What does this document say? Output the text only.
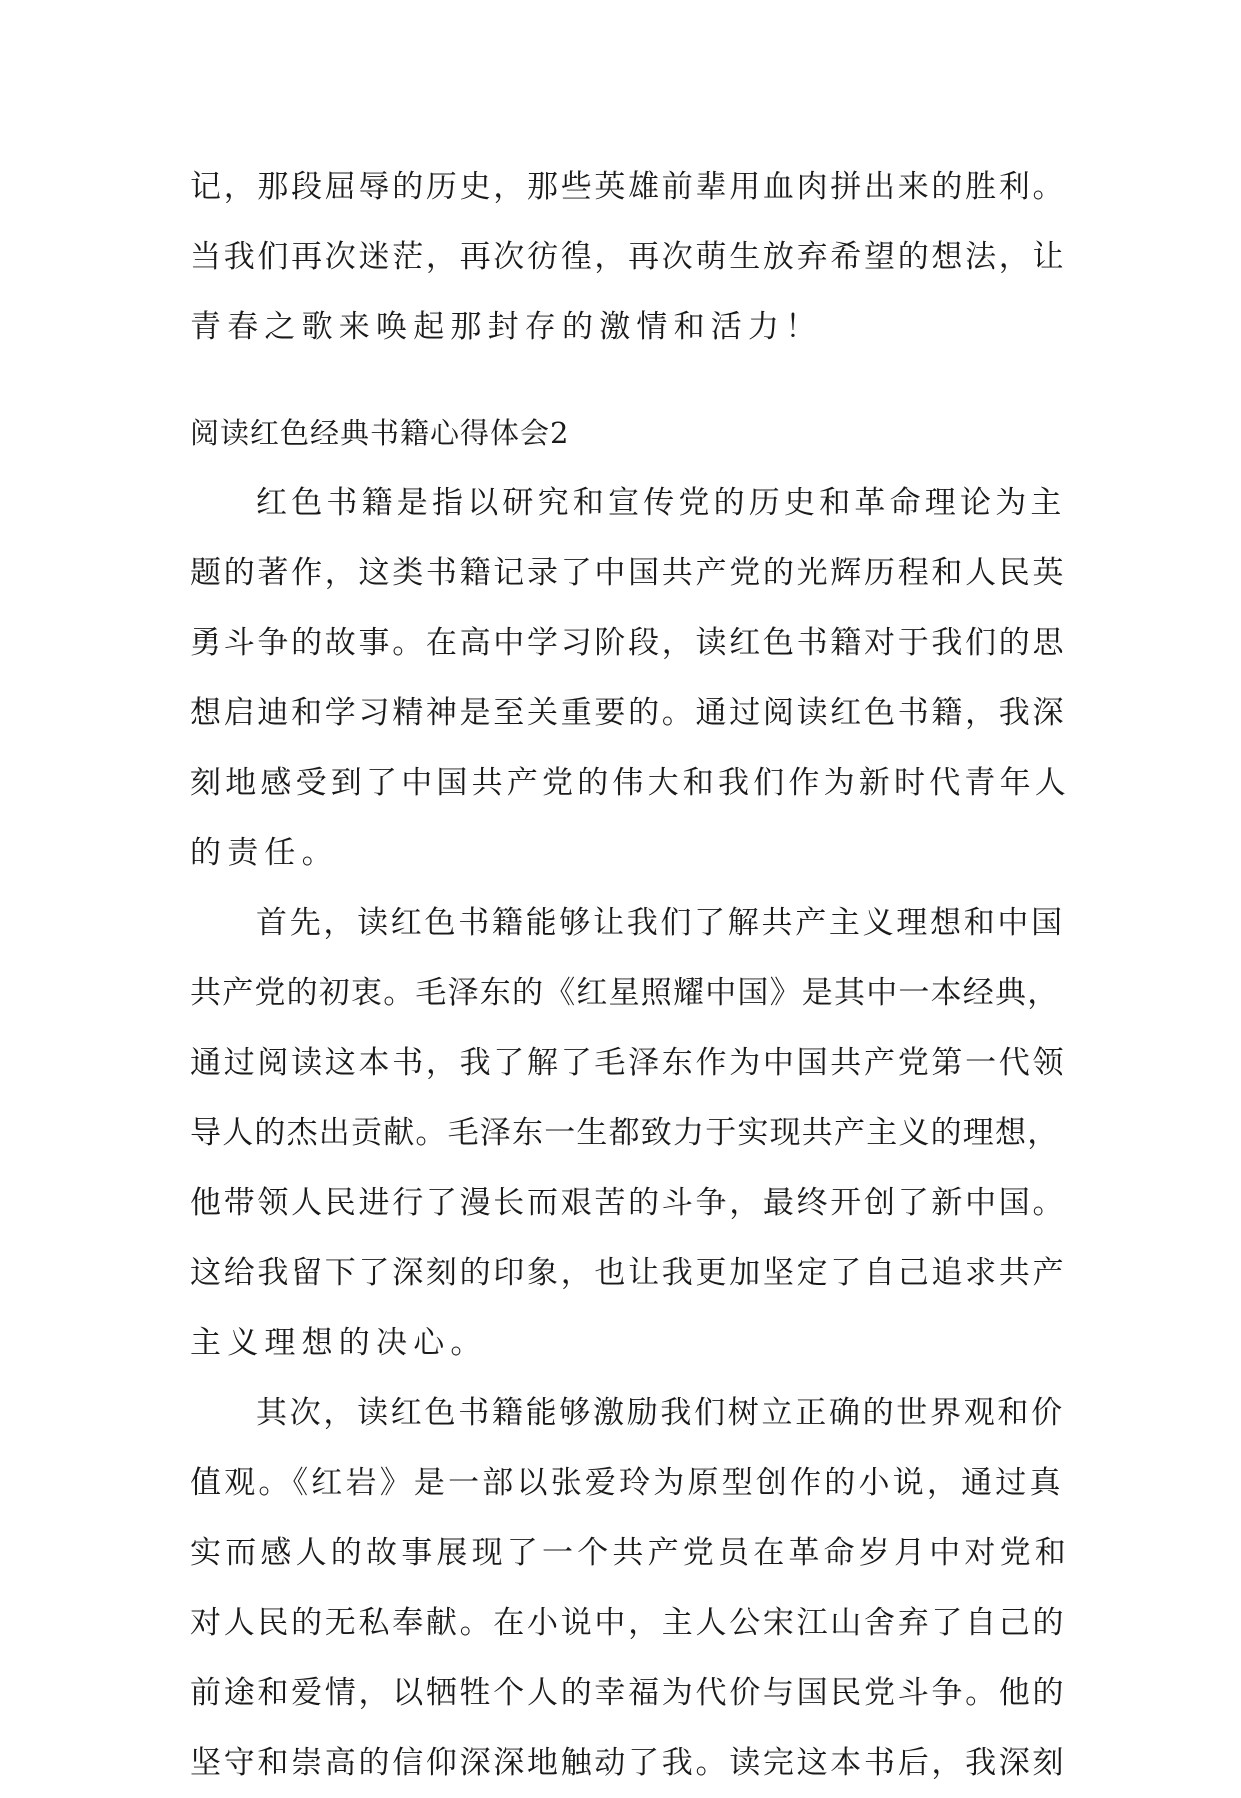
记，那段屈辱的历史，那些英雄前辈用血肉拼出来的胜利。
当我们再次迷茫，再次彷徨，再次萌生放弃希望的想法，让
青春之歌来唤起那封存的激情和活力！
阅读红色经典书籍心得体会2
红色书籍是指以研究和宣传党的历史和革命理论为主
题的著作，这类书籍记录了中国共产党的光辉历程和人民英
勇斗争的故事。在高中学习阶段，读红色书籍对于我们的思
想启迪和学习精神是至关重要的。通过阅读红色书籍，我深
刻地感受到了中国共产党的伟大和我们作为新时代青年人
的责任。
首先，读红色书籍能够让我们了解共产主义理想和中国
共产党的初衷。毛泽东的《红星照耀中国》是其中一本经典，
通过阅读这本书，我了解了毛泽东作为中国共产党第一代领
导人的杰出贡献。毛泽东一生都致力于实现共产主义的理想，
他带领人民进行了漫长而艰苦的斗争，最终开创了新中国。
这给我留下了深刻的印象，也让我更加坚定了自己追求共产
主义理想的决心。
其次，读红色书籍能够激励我们树立正确的世界观和价
值观。《红岩》是一部以张爱玲为原型创作的小说，通过真
实而感人的故事展现了一个共产党员在革命岁月中对党和
对人民的无私奉献。在小说中，主人公宋江山舍弃了自己的
前途和爱情，以牺牲个人的幸福为代价与国民党斗争。他的
坚守和崇高的信仰深深地触动了我。读完这本书后，我深刻
